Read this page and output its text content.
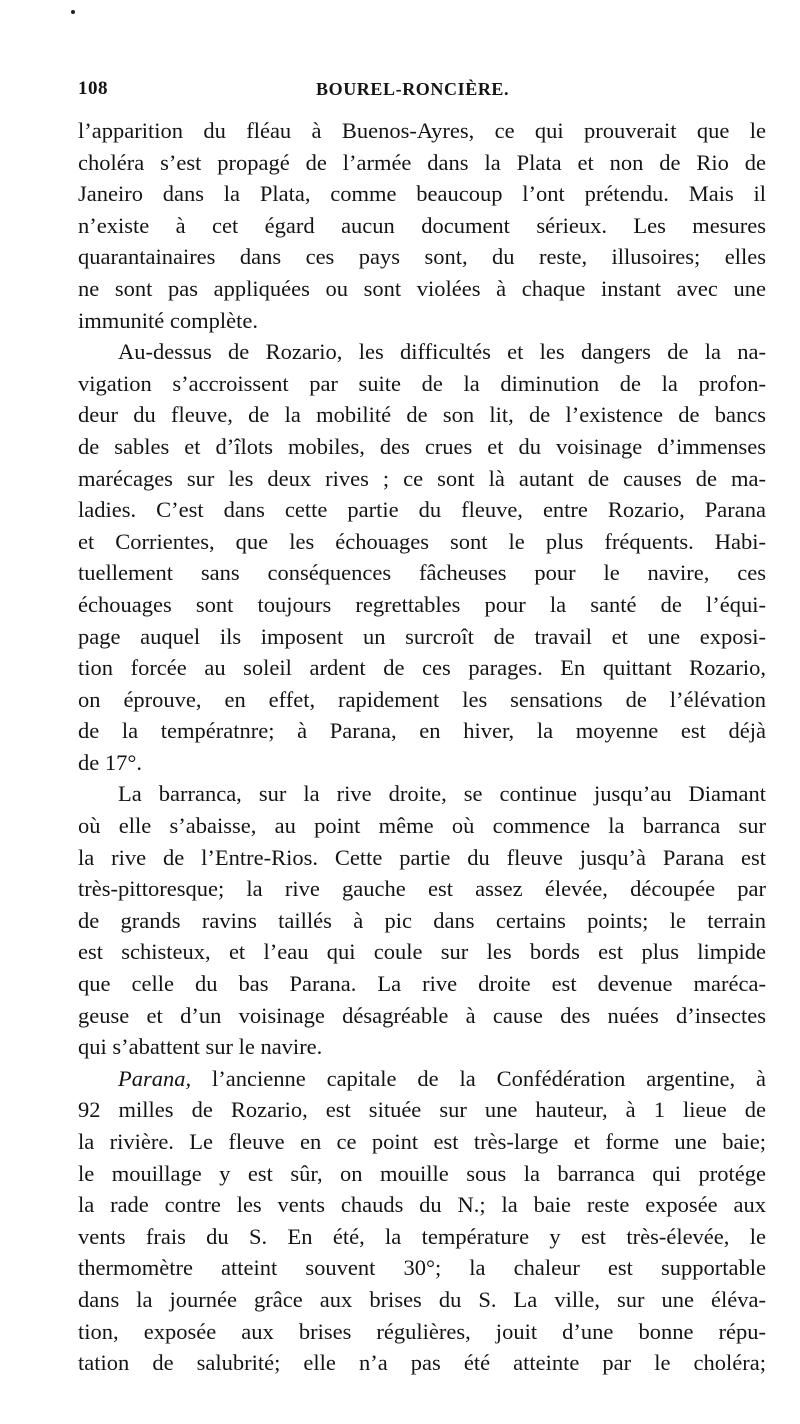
108	BOUREL-RONCIÈRE.
l’apparition du fléau à Buenos-Ayres, ce qui prouverait que le
choléra s’est propagé de l’armée dans la Plata et non de Rio de
Janeiro dans la Plata, comme beaucoup l’ont prétendu. Mais il
n’existe à cet égard aucun document sérieux. Les mesures
quarantainaires dans ces pays sont, du reste, illusoires; elles
ne sont pas appliquées ou sont violées à chaque instant avec une
immunité complète.
Au-dessus de Rozario, les difficultés et les dangers de la na-
vigation s’accroissent par suite de la diminution de la profon-
deur du fleuve, de la mobilité de son lit, de l’existence de bancs
de sables et d’îlots mobiles, des crues et du voisinage d’immenses
marécages sur les deux rives ; ce sont là autant de causes de ma-
ladies. C’est dans cette partie du fleuve, entre Rozario, Parana
et Corrientes, que les échouages sont le plus fréquents. Habi-
tuellement sans conséquences fâcheuses pour le navire, ces
échouages sont toujours regrettables pour la santé de l’équi-
page auquel ils imposent un surcroît de travail et une exposi-
tion forcée au soleil ardent de ces parages. En quittant Rozario,
on éprouve, en effet, rapidement les sensations de l’élévation
de la températnre; à Parana, en hiver, la moyenne est déjà
de 17°.
La barranca, sur la rive droite, se continue jusqu’au Diamant
où elle s’abaisse, au point même où commence la barranca sur
la rive de l’Entre-Rios. Cette partie du fleuve jusqu’à Parana est
très-pittoresque; la rive gauche est assez élevée, découpée par
de grands ravins taillés à pic dans certains points; le terrain
est schisteux, et l’eau qui coule sur les bords est plus limpide
que celle du bas Parana. La rive droite est devenue maréca-
geuse et d’un voisinage désagréable à cause des nuées d’insectes
qui s’abattent sur le navire.
Parana, l’ancienne capitale de la Confédération argentine, à
92 milles de Rozario, est située sur une hauteur, à 1 lieue de
la rivière. Le fleuve en ce point est très-large et forme une baie;
le mouillage y est sûr, on mouille sous la barranca qui protége
la rade contre les vents chauds du N.; la baie reste exposée aux
vents frais du S. En été, la température y est très-élevée, le
thermomètre atteint souvent 30°; la chaleur est supportable
dans la journée grâce aux brises du S. La ville, sur une éléva-
tion, exposée aux brises régulières, jouit d’une bonne répu-
tation de salubrité; elle n’a pas été atteinte par le choléra;
